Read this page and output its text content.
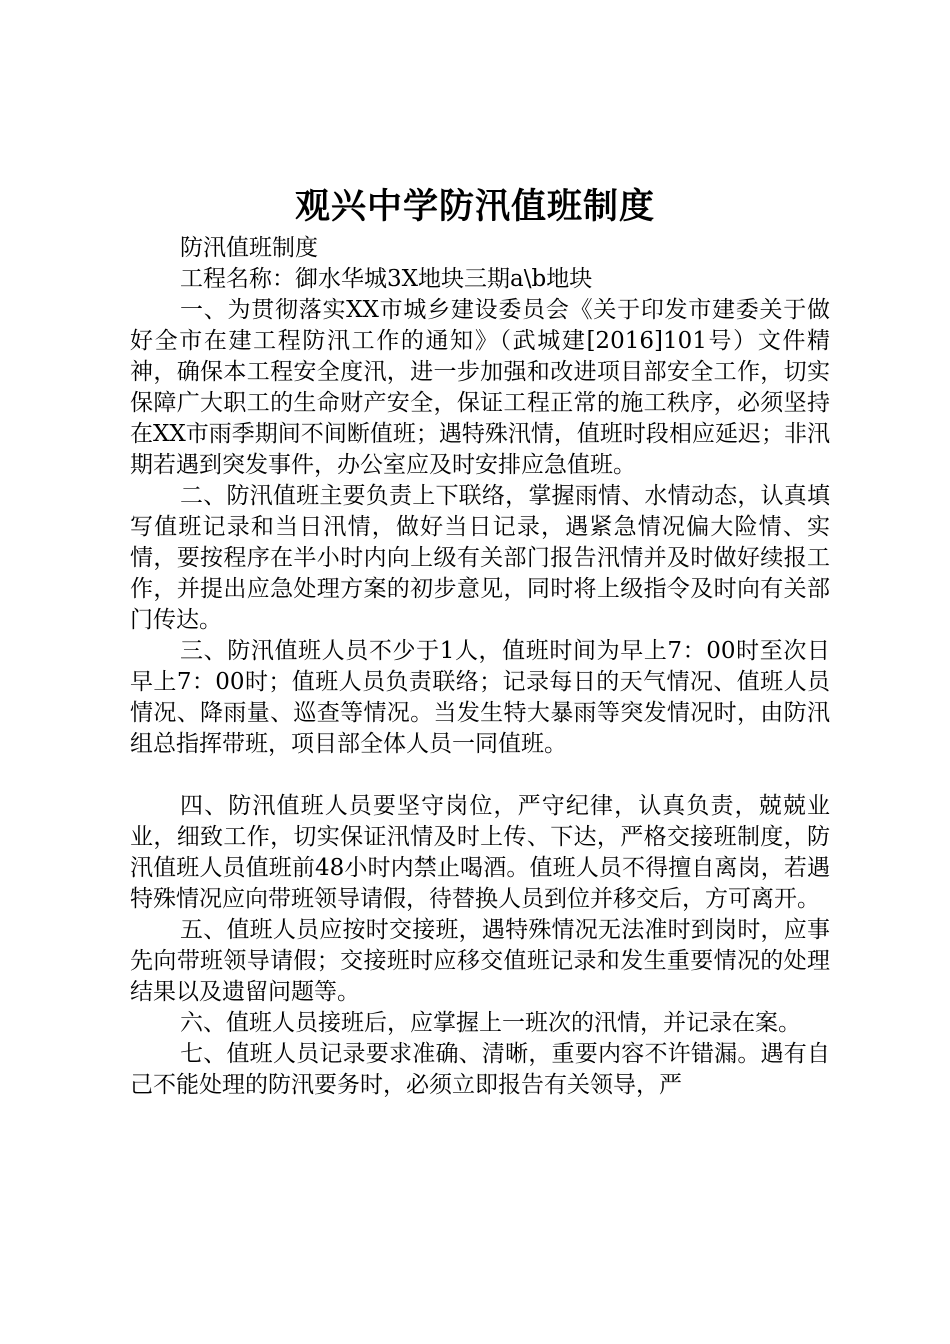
观兴中学防汛值班制度

防汛值班制度

工程名称：御水华城3X地块三期a\b地块

一、为贯彻落实XX市城乡建设委员会《关于印发市建委关于做好全市在建工程防汛工作的通知》（武城建[2016]101号）文件精神，确保本工程安全度汛，进一步加强和改进项目部安全工作，切实保障广大职工的生命财产安全，保证工程正常的施工秩序，必须坚持在XX市雨季期间不间断值班；遇特殊汛情，值班时段相应延迟；非汛期若遇到突发事件，办公室应及时安排应急值班。

二、防汛值班主要负责上下联络，掌握雨情、水情动态，认真填写值班记录和当日汛情，做好当日记录，遇紧急情况偏大险情、实情，要按程序在半小时内向上级有关部门报告汛情并及时做好续报工作，并提出应急处理方案的初步意见，同时将上级指令及时向有关部门传达。

三、防汛值班人员不少于1人，值班时间为早上7：00时至次日早上7：00时；值班人员负责联络；记录每日的天气情况、值班人员情况、降雨量、巡查等情况。当发生特大暴雨等突发情况时，由防汛组总指挥带班，项目部全体人员一同值班。

四、防汛值班人员要坚守岗位，严守纪律，认真负责，兢兢业业，细致工作，切实保证汛情及时上传、下达，严格交接班制度，防汛值班人员值班前48小时内禁止喝酒。值班人员不得擅自离岗，若遇特殊情况应向带班领导请假，待替换人员到位并移交后，方可离开。

五、值班人员应按时交接班，遇特殊情况无法准时到岗时，应事先向带班领导请假；交接班时应移交值班记录和发生重要情况的处理结果以及遗留问题等。

六、值班人员接班后，应掌握上一班次的汛情，并记录在案。

七、值班人员记录要求准确、清晰，重要内容不许错漏。遇有自己不能处理的防汛要务时，必须立即报告有关领导，严
